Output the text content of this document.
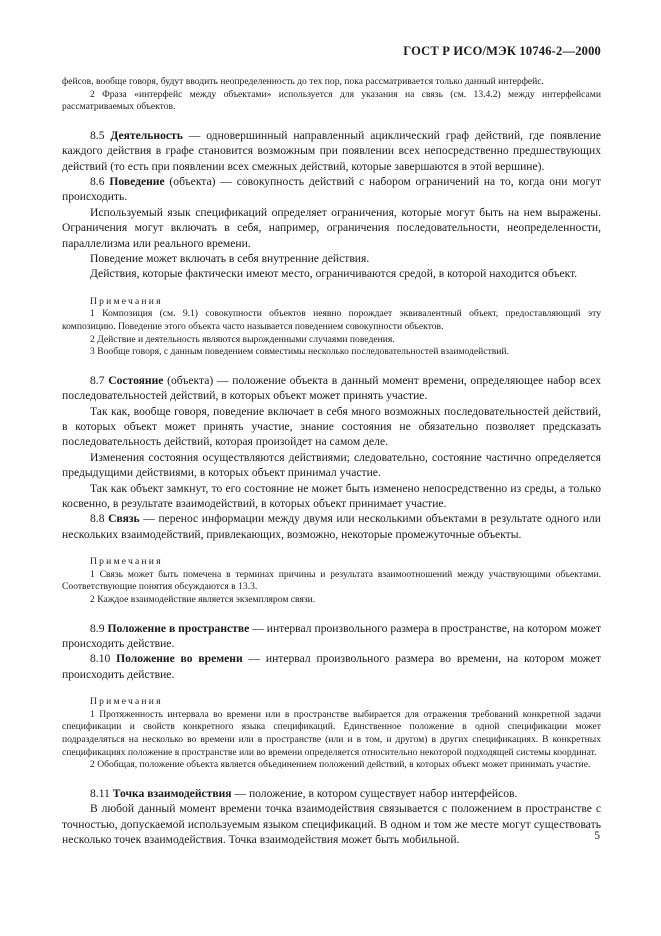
ГОСТ Р ИСО/МЭК 10746-2—2000

фейсов, вообще говоря, будут вводить неопределенность до тех пор, пока рассматривается только данный интерфейс.

2 Фраза «интерфейс между объектами» используется для указания на связь (см. 13.4.2) между интерфейсами рассматриваемых объектов.

8.5 Деятельность — одновершинный направленный ациклический граф действий, где появление каждого действия в графе становится возможным при появлении всех непосредственно предшествующих действий (то есть при появлении всех смежных действий, которые завершаются в этой вершине).

8.6 Поведение (объекта) — совокупность действий с набором ограничений на то, когда они могут происходить.

Используемый язык спецификаций определяет ограничения, которые могут быть на нем выражены. Ограничения могут включать в себя, например, ограничения последовательности, неопределенности, параллелизма или реального времени.

Поведение может включать в себя внутренние действия.

Действия, которые фактически имеют место, ограничиваются средой, в которой находится объект.

Примечания

1 Композиция (см. 9.1) совокупности объектов неявно порождает эквивалентный объект, предоставляющий эту композицию. Поведение этого объекта часто называется поведением совокупности объектов.

2 Действие и деятельность являются вырожденными случаями поведения.

3 Вообще говоря, с данным поведением совместимы несколько последовательностей взаимодействий.

8.7 Состояние (объекта) — положение объекта в данный момент времени, определяющее набор всех последовательностей действий, в которых объект может принять участие.

Так как, вообще говоря, поведение включает в себя много возможных последовательностей действий, в которых объект может принять участие, знание состояния не обязательно позволяет предсказать последовательность действий, которая произойдет на самом деле.

Изменения состояния осуществляются действиями; следовательно, состояние частично определяется предыдущими действиями, в которых объект принимал участие.

Так как объект замкнут, то его состояние не может быть изменено непосредственно из среды, а только косвенно, в результате взаимодействий, в которых объект принимает участие.

8.8 Связь — перенос информации между двумя или несколькими объектами в результате одного или нескольких взаимодействий, привлекающих, возможно, некоторые промежуточные объекты.

Примечания

1 Связь может быть помечена в терминах причины и результата взаимоотношений между участвующими объектами. Соответствующие понятия обсуждаются в 13.3.

2 Каждое взаимодействие является экземпляром связи.

8.9 Положение в пространстве — интервал произвольного размера в пространстве, на котором может происходить действие.

8.10 Положение во времени — интервал произвольного размера во времени, на котором может происходить действие.

Примечания

1 Протяженность интервала во времени или в пространстве выбирается для отражения требований конкретной задачи спецификации и свойств конкретного языка спецификаций. Единственное положение в одной спецификации может подразделяться на несколько во времени или в пространстве (или и в том, и другом) в других спецификациях. В конкретных спецификациях положение в пространстве или во времени определяется относительно некоторой подходящей системы координат.

2 Обобщая, положение объекта является объединением положений действий, в которых объект может принимать участие.

8.11 Точка взаимодействия — положение, в котором существует набор интерфейсов.

В любой данный момент времени точка взаимодействия связывается с положением в пространстве с точностью, допускаемой используемым языком спецификаций. В одном и том же месте могут существовать несколько точек взаимодействия. Точка взаимодействия может быть мобильной.	5
